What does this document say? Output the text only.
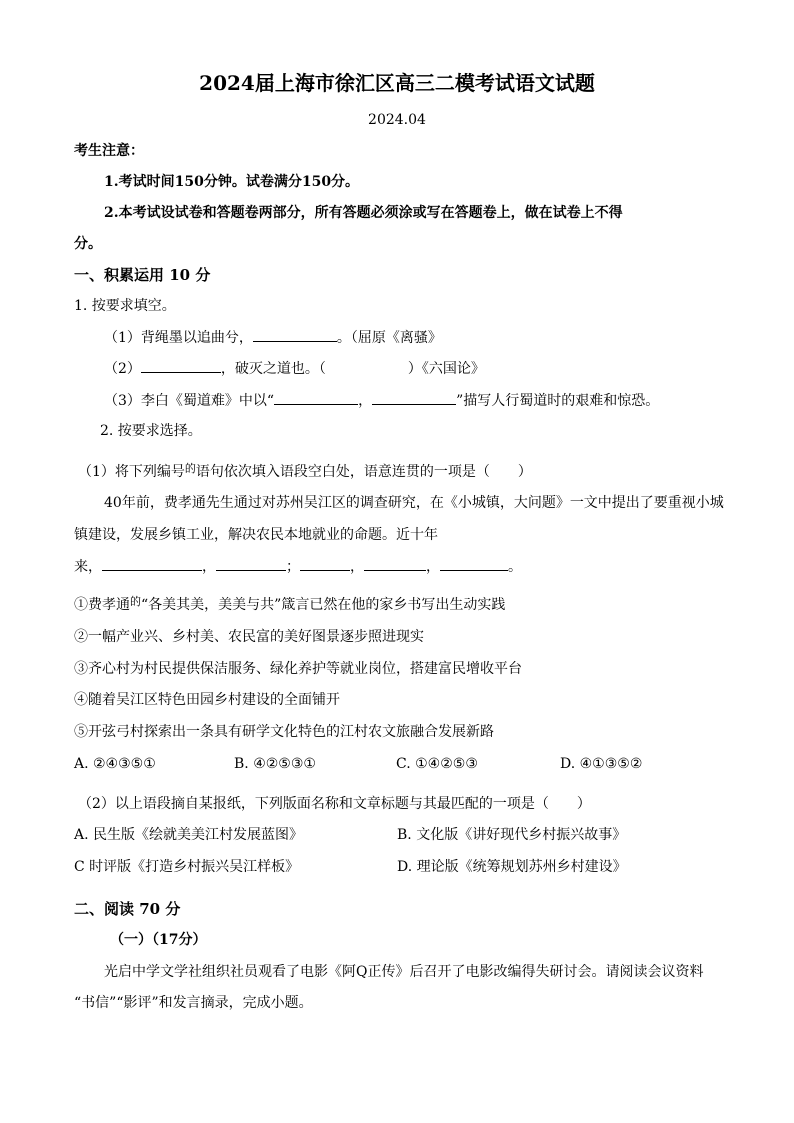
2024届上海市徐汇区高三二模考试语文试题
2024.04
考生注意：
1.考试时间150分钟。试卷满分150分。
2.本考试设试卷和答题卷两部分，所有答题必须涂或写在答题卷上，做在试卷上不得
分。
一、积累运用 10 分
1. 按要求填空。
（1）背绳墨以追曲兮，	。（屈原《离骚》
（2）	，破灭之道也。（	）《六国论》
（3）李白《蜀道难》中以“	，	”描写人行蜀道时的艰难和惊恐。
2. 按要求选择。
（1）将下列编号$^的$语句依次填入语段空白处，语意连贯的一项是（　　）
40年前，费孝通先生通过对苏州吴江区的调查研究，在《小城镇，大问题》一文中提出了要重视小城
镇建设，发展乡镇工业，解决农民本地就业的命题。近十年
来，	，	；	，	，	。
①费孝通$^的$“各美其美，美美与共”箴言已然在他的家乡书写出生动实践
②一幅产业兴、乡村美、农民富的美好图景逐步照进现实
③齐心村为村民提供保洁服务、绿化养护等就业岗位，搭建富民增收平台
④随着吴江区特色田园乡村建设的全面铺开
⑤开弦弓村探索出一条具有研学文化特色的江村农文旅融合发展新路
A. ②④③⑤①	B. ④②⑤③①	C. ①④②⑤③	D. ④①③⑤②
（2）以上语段摘自某报纸，下列版面名称和文章标题与其最匹配的一项是（　　）
A. 民生版《绘就美美江村发展蓝图》	B. 文化版《讲好现代乡村振兴故事》
C 时评版《打造乡村振兴吴江样板》	D. 理论版《统筹规划苏州乡村建设》
二、阅读 70 分
（一）（17分）
光启中学文学社组织社员观看了电影《阿Q正传》后召开了电影改编得失研讨会。请阅读会议资料
“书信”“影评”和发言摘录，完成小题。
